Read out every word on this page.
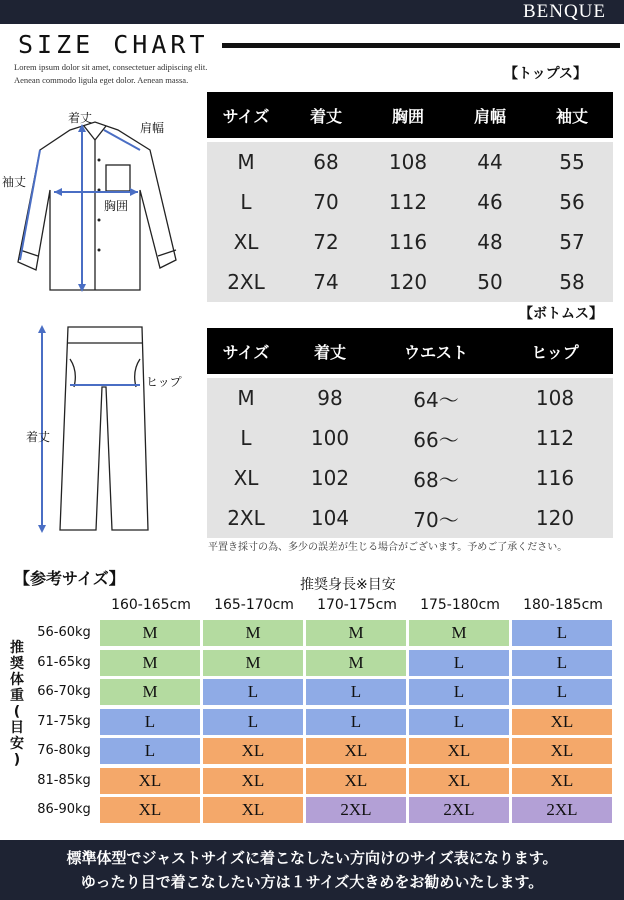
BENQUE
SIZE CHART
Lorem ipsum dolor sit amet, consectetuer adipiscing elit.
Aenean commodo ligula eget dolor. Aenean massa.	【トップス】
着丈
肩幅
袖丈
胸囲
サイズ	着丈	胸囲	肩幅	袖丈

M	68	108	44	55
L	70	112	46	56
XL	72	116	48	57
2XL	74	120	50	58
【ボトムス】
ヒップ
着丈
サイズ	着丈	ウエスト	ヒップ

M	98	64～	108
L	100	66～	112
XL	102	68～	116
2XL	104	70～	120
平置き採寸の為、多少の誤差が生じる場合がございます。予めご了承ください。
【参考サイズ】	推奨身長※目安
160-165cm	165-170cm	170-175cm	175-180cm	180-185cm
推
奨
体
重
(
目
安
)
56-60kg	M	M	M	M	L
61-65kg	M	M	M	L	L
66-70kg	M	L	L	L	L
71-75kg	L	L	L	L	XL
76-80kg	L	XL	XL	XL	XL
81-85kg	XL	XL	XL	XL	XL
86-90kg	XL	XL	2XL	2XL	2XL
標準体型でジャストサイズに着こなしたい方向けのサイズ表になります。
ゆったり目で着こなしたい方は１サイズ大きめをお勧めいたします。
